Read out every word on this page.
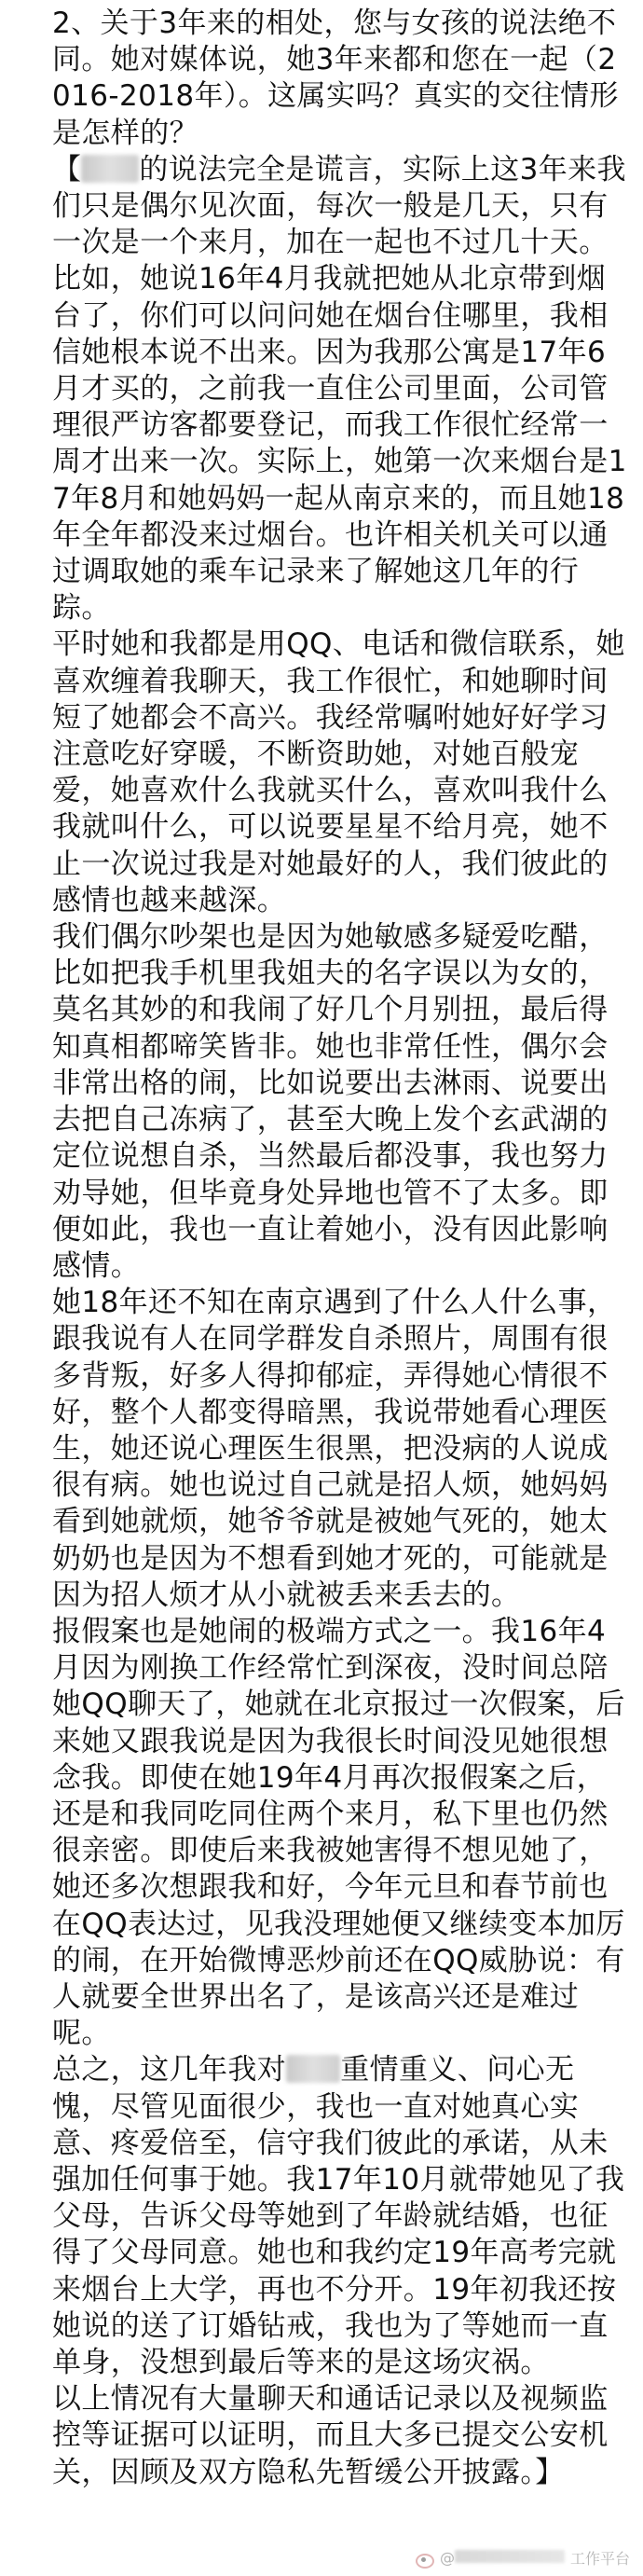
2、关于3年来的相处，您与女孩的说法绝不同。她对媒体说，她3年来都和您在一起（2016-2018年）。这属实吗？真实的交往情形是怎样的？
【 的说法完全是谎言，实际上这3年来我们只是偶尔见次面，每次一般是几天，只有一次是一个来月，加在一起也不过几十天。比如，她说16年4月我就把她从北京带到烟台了，你们可以问问她在烟台住哪里，我相信她根本说不出来。因为我那公寓是17年6月才买的，之前我一直住公司里面，公司管理很严访客都要登记，而我工作很忙经常一周才出来一次。实际上，她第一次来烟台是17年8月和她妈妈一起从南京来的，而且她18年全年都没来过烟台。也许相关机关可以通过调取她的乘车记录来了解她这几年的行踪。
平时她和我都是用QQ、电话和微信联系，她喜欢缠着我聊天，我工作很忙，和她聊时间短了她都会不高兴。我经常嘱咐她好好学习注意吃好穿暖，不断资助她，对她百般宠爱，她喜欢什么我就买什么，喜欢叫我什么我就叫什么，可以说要星星不给月亮，她不止一次说过我是对她最好的人，我们彼此的感情也越来越深。
我们偶尔吵架也是因为她敏感多疑爱吃醋，比如把我手机里我姐夫的名字误以为女的，莫名其妙的和我闹了好几个月别扭，最后得知真相都啼笑皆非。她也非常任性，偶尔会非常出格的闹，比如说要出去淋雨、说要出去把自己冻病了，甚至大晚上发个玄武湖的定位说想自杀，当然最后都没事，我也努力劝导她，但毕竟身处异地也管不了太多。即便如此，我也一直让着她小，没有因此影响感情。
她18年还不知在南京遇到了什么人什么事，跟我说有人在同学群发自杀照片，周围有很多背叛，好多人得抑郁症，弄得她心情很不好，整个人都变得暗黑，我说带她看心理医生，她还说心理医生很黑，把没病的人说成很有病。她也说过自己就是招人烦，她妈妈看到她就烦，她爷爷就是被她气死的，她太奶奶也是因为不想看到她才死的，可能就是因为招人烦才从小就被丢来丢去的。
报假案也是她闹的极端方式之一。我16年4月因为刚换工作经常忙到深夜，没时间总陪她QQ聊天了，她就在北京报过一次假案，后来她又跟我说是因为我很长时间没见她很想念我。即使在她19年4月再次报假案之后，还是和我同吃同住两个来月，私下里也仍然很亲密。即使后来我被她害得不想见她了，她还多次想跟我和好，今年元旦和春节前也在QQ表达过，见我没理她便又继续变本加厉的闹，在开始微博恶炒前还在QQ威胁说：有人就要全世界出名了，是该高兴还是难过呢。
总之，这几年我对 重情重义、问心无愧，尽管见面很少，我也一直对她真心实意、疼爱倍至，信守我们彼此的承诺，从未强加任何事于她。我17年10月就带她见了我父母，告诉父母等她到了年龄就结婚，也征得了父母同意。她也和我约定19年高考完就来烟台上大学，再也不分开。19年初我还按她说的送了订婚钻戒，我也为了等她而一直单身，没想到最后等来的是这场灾祸。
以上情况有大量聊天和通话记录以及视频监控等证据可以证明，而且大多已提交公安机关，因顾及双方隐私先暂缓公开披露。】
@	工作平台
